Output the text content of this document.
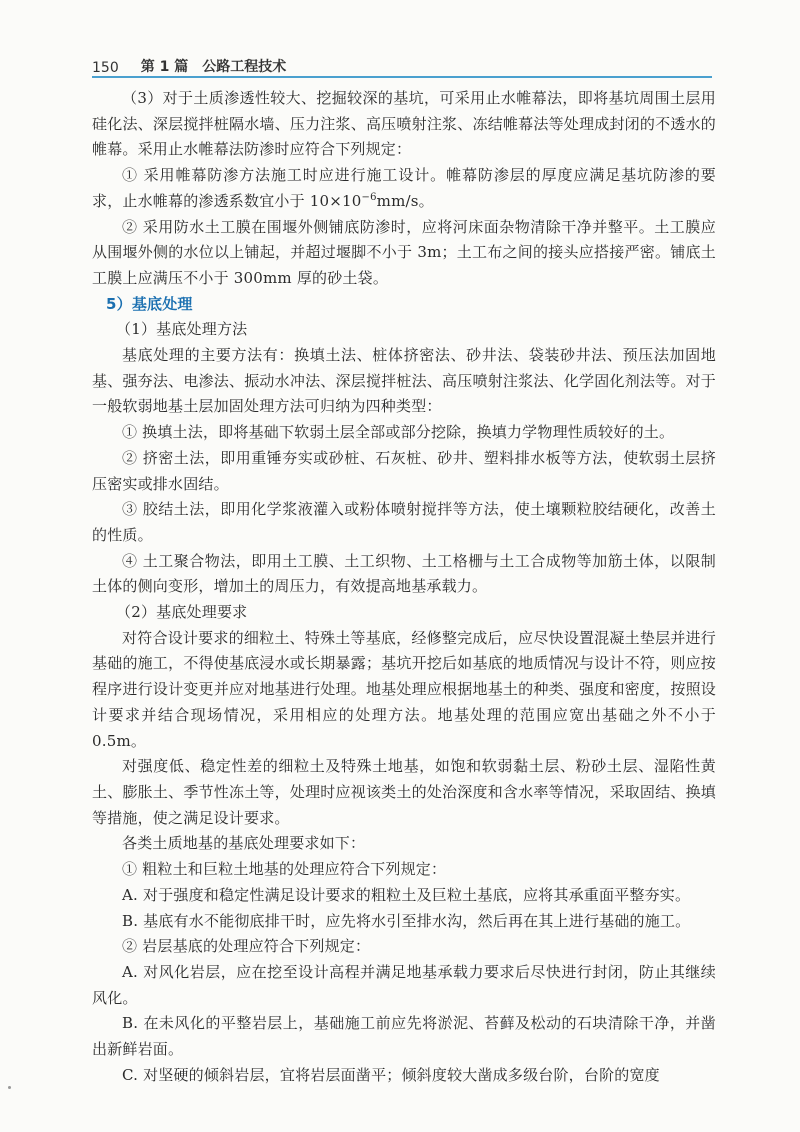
150 第 1 篇 公路工程技术

（3）对于土质渗透性较大、挖掘较深的基坑，可采用止水帷幕法，即将基坑周围土层用硅化法、深层搅拌桩隔水墙、压力注浆、高压喷射注浆、冻结帷幕法等处理成封闭的不透水的帷幕。采用止水帷幕法防渗时应符合下列规定：

① 采用帷幕防渗方法施工时应进行施工设计。帷幕防渗层的厚度应满足基坑防渗的要求，止水帷幕的渗透系数宜小于 $10\times 10^{-6}mm/s$。

② 采用防水土工膜在围堰外侧铺底防渗时，应将河床面杂物清除干净并整平。土工膜应从围堰外侧的水位以上铺起，并超过堰脚不小于 3m；土工布之间的接头应搭接严密。铺底土工膜上应满压不小于 300mm 厚的砂土袋。

5）基底处理

（1）基底处理方法

基底处理的主要方法有：换填土法、桩体挤密法、砂井法、袋装砂井法、预压法加固地基、强夯法、电渗法、振动水冲法、深层搅拌桩法、高压喷射注浆法、化学固化剂法等。对于一般软弱地基土层加固处理方法可归纳为四种类型：

① 换填土法，即将基础下软弱土层全部或部分挖除，换填力学物理性质较好的土。

② 挤密土法，即用重锤夯实或砂桩、石灰桩、砂井、塑料排水板等方法，使软弱土层挤压密实或排水固结。

③ 胶结土法，即用化学浆液灌入或粉体喷射搅拌等方法，使土壤颗粒胶结硬化，改善土的性质。

④ 土工聚合物法，即用土工膜、土工织物、土工格栅与土工合成物等加筋土体，以限制土体的侧向变形，增加土的周压力，有效提高地基承载力。

（2）基底处理要求

对符合设计要求的细粒土、特殊土等基底，经修整完成后，应尽快设置混凝土垫层并进行基础的施工，不得使基底浸水或长期暴露；基坑开挖后如基底的地质情况与设计不符，则应按程序进行设计变更并应对地基进行处理。地基处理应根据地基土的种类、强度和密度，按照设计要求并结合现场情况，采用相应的处理方法。地基处理的范围应宽出基础之外不小于 0.5m。

对强度低、稳定性差的细粒土及特殊土地基，如饱和软弱黏土层、粉砂土层、湿陷性黄土、膨胀土、季节性冻土等，处理时应视该类土的处治深度和含水率等情况，采取固结、换填等措施，使之满足设计要求。

各类土质地基的基底处理要求如下：

① 粗粒土和巨粒土地基的处理应符合下列规定：

A. 对于强度和稳定性满足设计要求的粗粒土及巨粒土基底，应将其承重面平整夯实。

B. 基底有水不能彻底排干时，应先将水引至排水沟，然后再在其上进行基础的施工。

② 岩层基底的处理应符合下列规定：

A. 对风化岩层，应在挖至设计高程并满足地基承载力要求后尽快进行封闭，防止其继续风化。

B. 在未风化的平整岩层上，基础施工前应先将淤泥、苔藓及松动的石块清除干净，并凿出新鲜岩面。

C. 对坚硬的倾斜岩层，宜将岩层面凿平；倾斜度较大凿成多级台阶，台阶的宽度
